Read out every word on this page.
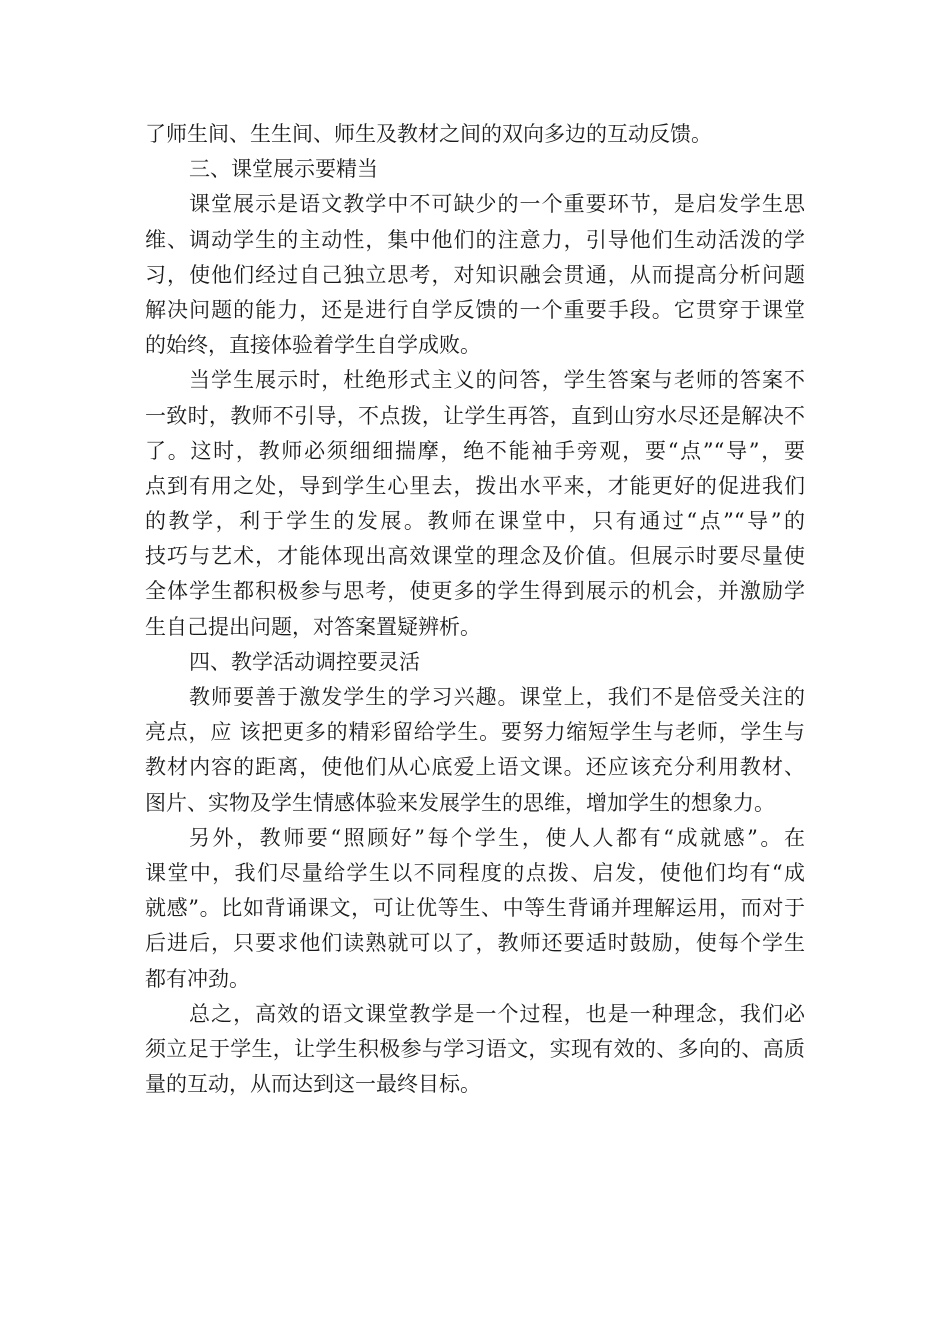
了师生间、生生间、师生及教材之间的双向多边的互动反馈。
三、课堂展示要精当
课堂展示是语文教学中不可缺少的一个重要环节，是启发学生思
维、调动学生的主动性，集中他们的注意力，引导他们生动活泼的学
习，使他们经过自己独立思考，对知识融会贯通，从而提高分析问题
解决问题的能力，还是进行自学反馈的一个重要手段。它贯穿于课堂
的始终，直接体验着学生自学成败。
当学生展示时，杜绝形式主义的问答，学生答案与老师的答案不
一致时，教师不引导，不点拨，让学生再答，直到山穷水尽还是解决不
了。这时，教师必须细细揣摩，绝不能袖手旁观，要“点”“导”，要
点到有用之处，导到学生心里去，拨出水平来，才能更好的促进我们
的教学，利于学生的发展。教师在课堂中，只有通过“点”“导”的
技巧与艺术，才能体现出高效课堂的理念及价值。但展示时要尽量使
全体学生都积极参与思考，使更多的学生得到展示的机会，并激励学
生自己提出问题，对答案置疑辨析。
四、教学活动调控要灵活
教师要善于激发学生的学习兴趣。课堂上，我们不是倍受关注的
亮点，应 该把更多的精彩留给学生。要努力缩短学生与老师，学生与
教材内容的距离，使他们从心底爱上语文课。还应该充分利用教材、
图片、实物及学生情感体验来发展学生的思维，增加学生的想象力。
另外，教师要“照顾好”每个学生，使人人都有“成就感”。在
课堂中，我们尽量给学生以不同程度的点拨、启发，使他们均有“成
就感”。比如背诵课文，可让优等生、中等生背诵并理解运用，而对于
后进后，只要求他们读熟就可以了，教师还要适时鼓励，使每个学生
都有冲劲。
总之，高效的语文课堂教学是一个过程，也是一种理念，我们必
须立足于学生，让学生积极参与学习语文，实现有效的、多向的、高质
量的互动，从而达到这一最终目标。
